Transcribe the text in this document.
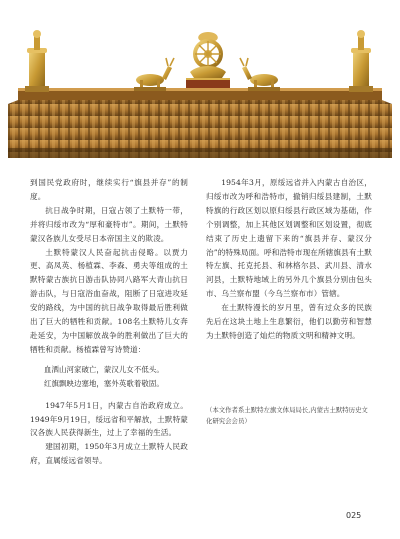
到国民党政府时，继续实行“旗县并存”的制度。

抗日战争时期，日寇占领了土默特一带，并将归绥市改为“厚和豪特市”。期间，土默特蒙汉各族儿女受尽日本帝国主义的欺凌。

土默特蒙汉人民奋起抗击侵略。以贾力更、高凤英、杨植霖、李森、勇夫等组成的土默特蒙古族抗日游击队协同八路军大青山抗日游击队，与日寇浴血奋战，阻断了日寇进攻延安的路线，为中国的抗日战争取得最后胜利做出了巨大的牺牲和贡献。108名土默特儿女奔赴延安，为中国解放战争的胜利做出了巨大的牺牲和贡献。杨植霖曾写诗赞道：

血洒山河家破亡，蒙汉儿女不低头。
红旗飘映边塞地，塞外英歌着敬固。

1947年5月1日，内蒙古自治政府成立。1949年9月19日，绥远省和平解放，土默特蒙汉各族人民获得新生，过上了幸福的生活。

建国初期，1950年3月成立土默特人民政府，直属绥远省领导。

1954年3月，原绥远省并入内蒙古自治区，归绥市改为呼和浩特市，撤销归绥县建制，土默特旗的行政区划以原归绥县行政区域为基础，作个别调整，加上其他区划调整和区划设置，彻底结束了历史上遗留下来的“旗县并存、蒙汉分治”的特殊局面。呼和浩特市现在所辖旗县有土默特左旗、托克托县、和林格尔县、武川县、清水河县，土默特地域上的另外几个旗县分别由包头市、乌兰察布盟（今乌兰察布市）管辖。

在土默特漫长的岁月里，曾有过众多的民族先后在这块土地上生息繁衍，他们以勤劳和智慧为土默特创造了灿烂的物质文明和精神文明。

（本文作者系土默特左旗文体局局长,内蒙古土默特历史文化研究会会员）
025
